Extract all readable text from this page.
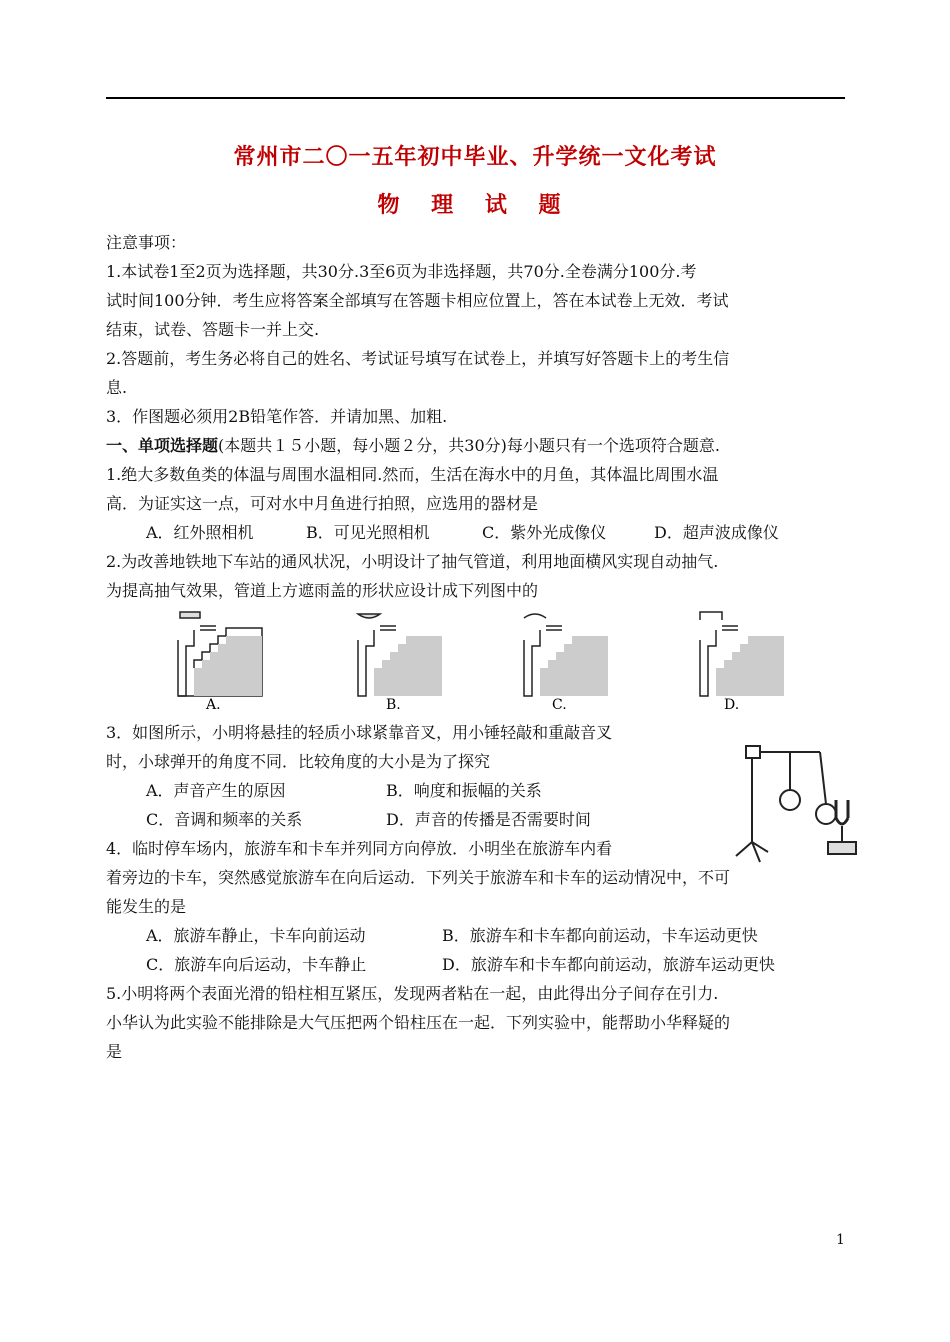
常州市二〇一五年初中毕业、升学统一文化考试
物 理 试 题
注意事项：
1.本试卷1至2页为选择题，共30分.3至6页为非选择题，共70分.全卷满分100分.考
试时间100分钟．考生应将答案全部填写在答题卡相应位置上，答在本试卷上无效．考试
结束，试卷、答题卡一并上交.
2.答题前，考生务必将自己的姓名、考试证号填写在试卷上，并填写好答题卡上的考生信
息.
3．作图题必须用2B铅笔作答．并请加黑、加粗.
一、单项选择题(本题共１５小题，每小题２分，共30分)每小题只有一个选项符合题意.
1.绝大多数鱼类的体温与周围水温相同.然而，生活在海水中的月鱼，其体温比周围水温
高．为证实这一点，可对水中月鱼进行拍照，应选用的器材是
A．红外照相机	B．可见光照相机	C．紫外光成像仪	D．超声波成像仪
2.为改善地铁地下车站的通风状况，小明设计了抽气管道，利用地面横风实现自动抽气.
为提高抽气效果，管道上方遮雨盖的形状应设计成下列图中的
A.	B.	C.	D.
3．如图所示，小明将悬挂的轻质小球紧靠音叉，用小锤轻敲和重敲音叉
时，小球弹开的角度不同．比较角度的大小是为了探究
A．声音产生的原因	B．响度和振幅的关系
C．音调和频率的关系	D．声音的传播是否需要时间
4．临时停车场内，旅游车和卡车并列同方向停放．小明坐在旅游车内看
着旁边的卡车，突然感觉旅游车在向后运动．下列关于旅游车和卡车的运动情况中，不可
能发生的是
A．旅游车静止，卡车向前运动	B．旅游车和卡车都向前运动，卡车运动更快
C．旅游车向后运动，卡车静止	D．旅游车和卡车都向前运动，旅游车运动更快
5.小明将两个表面光滑的铅柱相互紧压，发现两者粘在一起，由此得出分子间存在引力.
小华认为此实验不能排除是大气压把两个铅柱压在一起．下列实验中，能帮助小华释疑的
是
1
